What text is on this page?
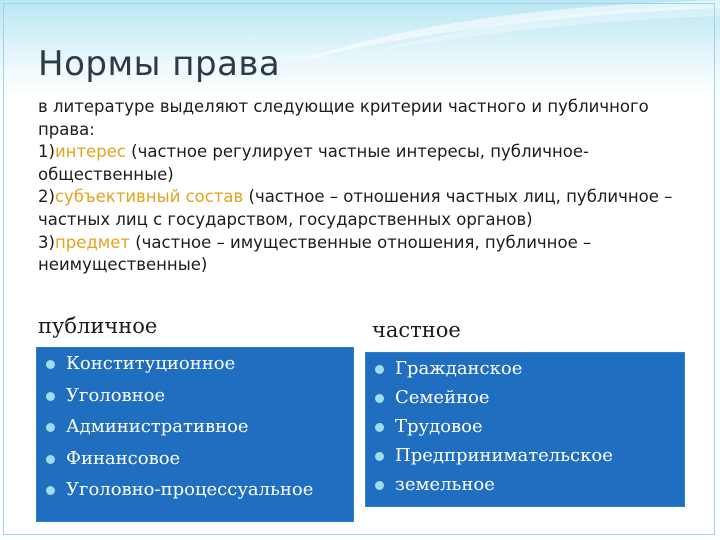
Нормы права
в литературе выделяют следующие критерии частного и публичного права:
1)интерес (частное регулирует частные интересы, публичное-общественные)
2)субъективный состав (частное – отношения частных лиц, публичное – частных лиц с государством, государственных органов)
3)предмет (частное – имущественные отношения, публичное – неимущественные)
публичное	частное
Конституционное
Уголовное
Административное
Финансовое
Уголовно-процессуальное
Гражданское
Семейное
Трудовое
Предпринимательское
земельное
